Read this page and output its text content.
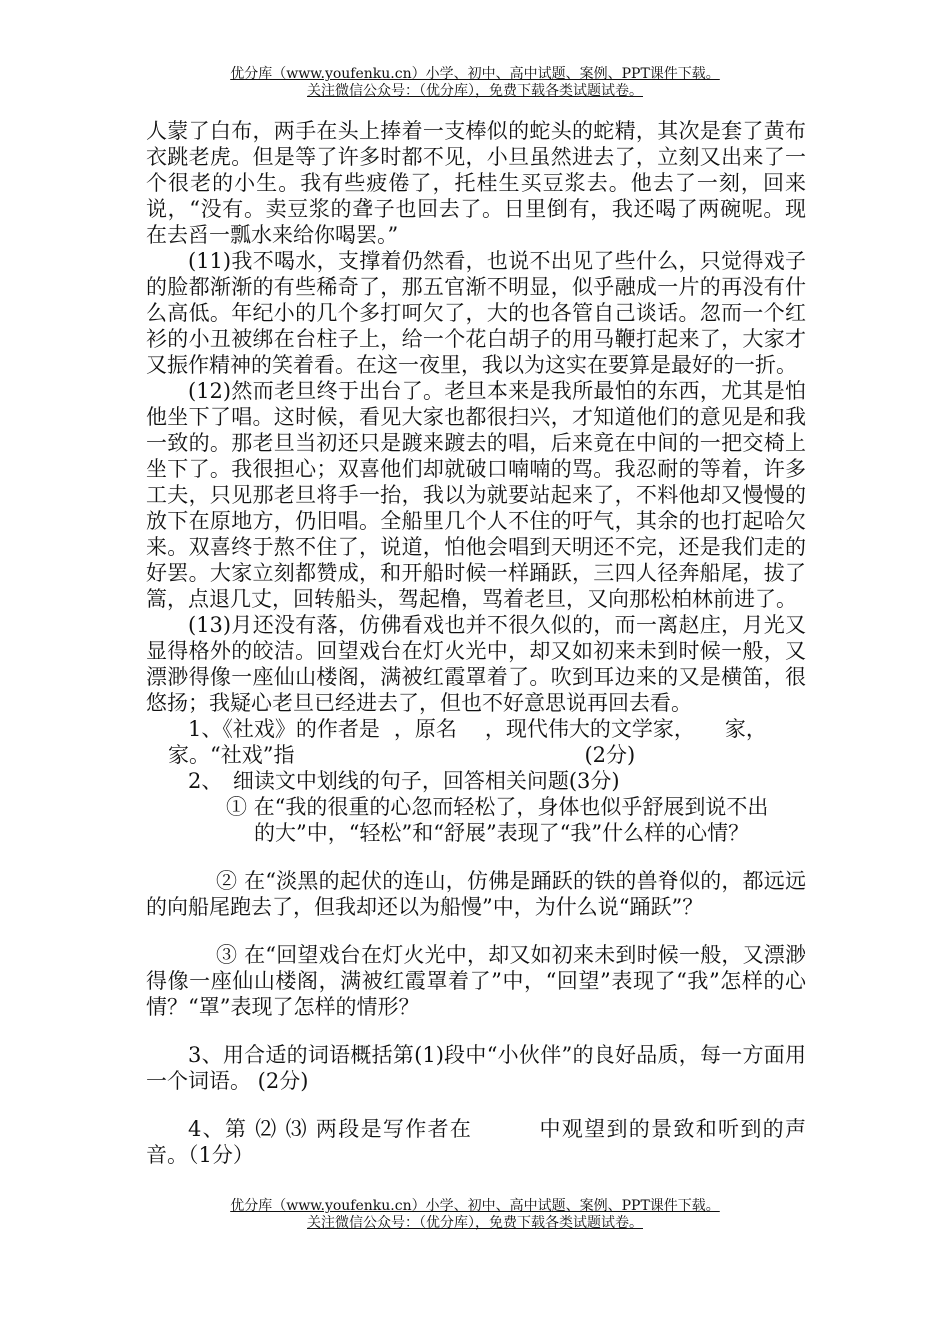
优分库（www.youfenku.cn）小学、初中、高中试题、案例、PPT课件下载。
关注微信公众号：（优分库），免费下载各类试题试卷。

人蒙了白布，两手在头上捧着一支棒似的蛇头的蛇精，其次是套了黄布衣跳老虎。但是等了许多时都不见，小旦虽然进去了，立刻又出来了一个很老的小生。我有些疲倦了，托桂生买豆浆去。他去了一刻，回来说，“没有。卖豆浆的聋子也回去了。日里倒有，我还喝了两碗呢。现在去舀一瓢水来给你喝罢。”

(11)我不喝水，支撑着仍然看，也说不出见了些什么，只觉得戏子的脸都渐渐的有些稀奇了，那五官渐不明显，似乎融成一片的再没有什么高低。年纪小的几个多打呵欠了，大的也各管自己谈话。忽而一个红衫的小丑被绑在台柱子上，给一个花白胡子的用马鞭打起来了，大家才又振作精神的笑着看。在这一夜里，我以为这实在要算是最好的一折。

(12)然而老旦终于出台了。老旦本来是我所最怕的东西，尤其是怕他坐下了唱。这时候，看见大家也都很扫兴，才知道他们的意见是和我一致的。那老旦当初还只是踱来踱去的唱，后来竟在中间的一把交椅上坐下了。我很担心；双喜他们却就破口喃喃的骂。我忍耐的等着，许多工夫，只见那老旦将手一抬，我以为就要站起来了，不料他却又慢慢的放下在原地方，仍旧唱。全船里几个人不住的吁气，其余的也打起哈欠来。双喜终于熬不住了，说道，怕他会唱到天明还不完，还是我们走的好罢。大家立刻都赞成，和开船时候一样踊跃，三四人径奔船尾，拔了篙，点退几丈，回转船头，驾起橹，骂着老旦，又向那松柏林前进了。

(13)月还没有落，仿佛看戏也并不很久似的，而一离赵庄，月光又显得格外的皎洁。回望戏台在灯火光中，却又如初来未到时候一般，又漂渺得像一座仙山楼阁，满被红霞罩着了。吹到耳边来的又是横笛，很悠扬；我疑心老旦已经进去了，但也不好意思说再回去看。

1、《社戏》的作者是 ，原名 ，现代伟大的文学家， 家，
家。“社戏”指	(2分)
2、　细读文中划线的句子，回答相关问题(3分)
① 在“我的很重的心忽而轻松了，身体也似乎舒展到说不出
的大”中，“轻松”和“舒展”表现了“我”什么样的心情？

② 在“淡黑的起伏的连山，仿佛是踊跃的铁的兽脊似的，都远远的向船尾跑去了，但我却还以为船慢”中，为什么说“踊跃”？

③ 在“回望戏台在灯火光中，却又如初来未到时候一般，又漂渺得像一座仙山楼阁，满被红霞罩着了”中，“回望”表现了“我”怎样的心情？“罩”表现了怎样的情形？

3、用合适的词语概括第(1)段中“小伙伴”的良好品质，每一方面用一个词语。 (2分)

4、第 ⑵ ⑶ 两段是写作者在	中观望到的景致和听到的声音。（1分）

优分库（www.youfenku.cn）小学、初中、高中试题、案例、PPT课件下载。
关注微信公众号：（优分库），免费下载各类试题试卷。
